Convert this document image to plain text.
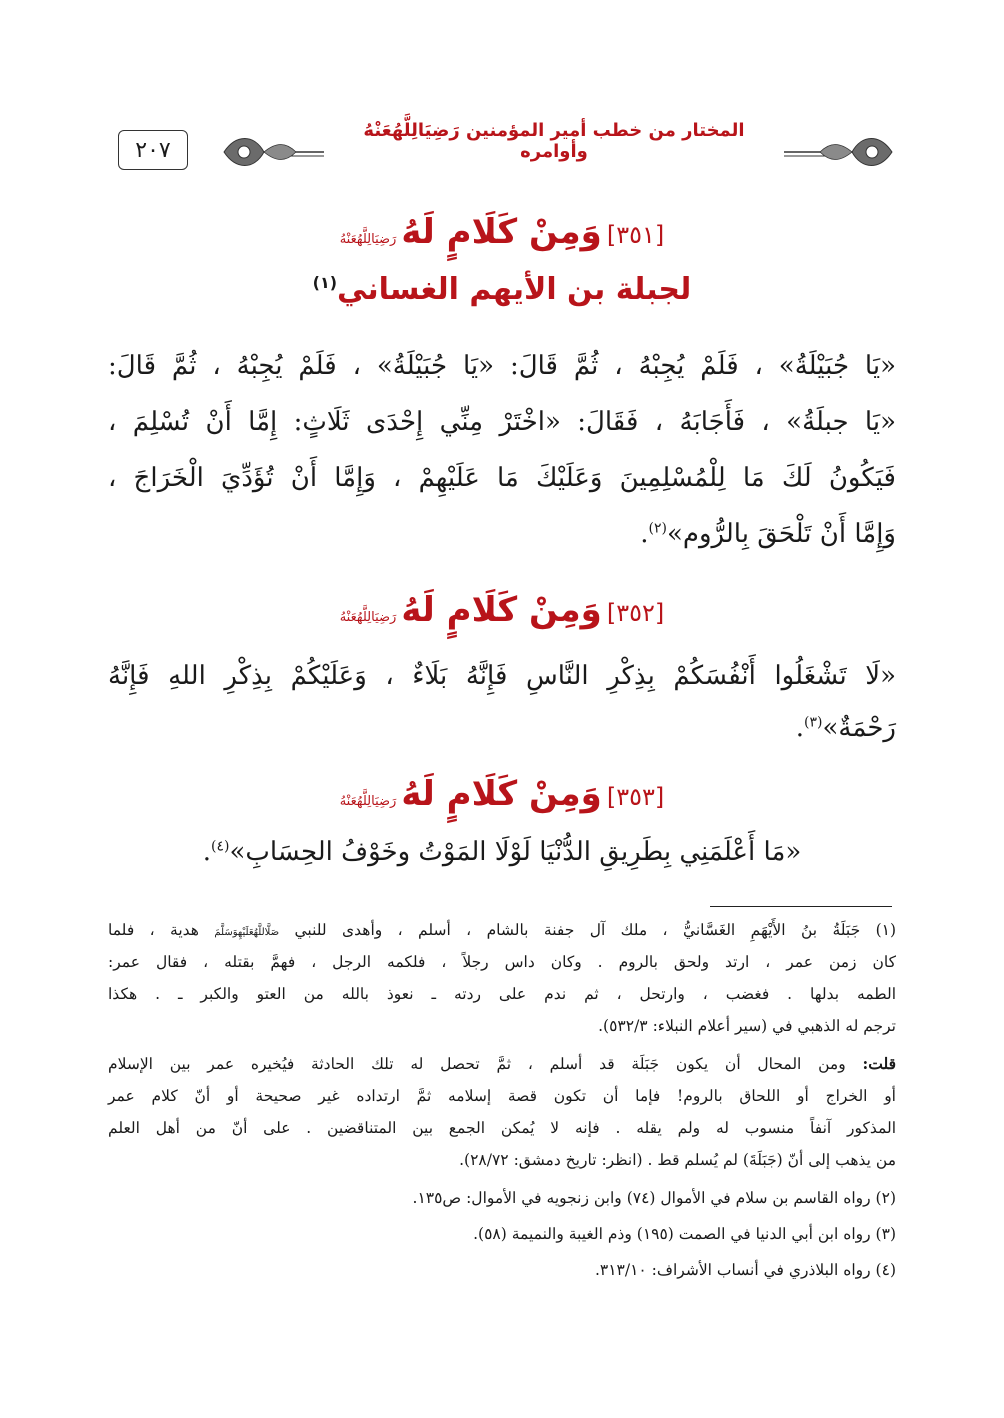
٢٠٧
المختار من خطب أمير المؤمنين رَضِيَالِلَّهُعَنْهُ وأوامره
[٣٥١] وَمِنْ كَلَامٍ لَهُ رَضِيَالِلَّهُعَنْهُ
لجبلة بن الأيهم الغساني$^{(١)}$
«يَا جُبَيْلَةُ» ، فَلَمْ يُجِبْهُ ، ثُمَّ قَالَ: «يَا جُبَيْلَةُ» ، فَلَمْ يُجِبْهُ ، ثُمَّ قَالَ:
«يَا جبلَةُ» ، فَأَجَابَهُ ، فَقَالَ: «اخْتَرْ مِنِّي إِحْدَى ثَلَاثٍ: إِمَّا أَنْ تُسْلِمَ ،
فَيَكُونُ لَكَ مَا لِلْمُسْلِمِينَ وَعَلَيْكَ مَا عَلَيْهِمْ ، وَإِمَّا أَنْ تُؤَدِّيَ الْخَرَاجَ ،
وَإِمَّا أَنْ تَلْحَقَ بِالرُّوم»$^{(٢)}$.
[٣٥٢] وَمِنْ كَلَامٍ لَهُ رَضِيَالِلَّهُعَنْهُ
«لَا تَشْغَلُوا أَنْفُسَكُمْ بِذِكْرِ النَّاسِ فَإِنَّهُ بَلَاءٌ ، وَعَلَيْكُمْ بِذِكْرِ اللهِ فَإِنَّهُ
رَحْمَةٌ»$^{(٣)}$.
[٣٥٣] وَمِنْ كَلَامٍ لَهُ رَضِيَالِلَّهُعَنْهُ
«مَا أَعْلَمَنِي بِطَرِيقِ الدُّنْيَا لَوْلَا المَوْتُ وخَوْفُ الحِسَابِ»$^{(٤)}$.
(١) جَبَلَةُ بنُ الأَيْهَمِ الغَسَّانيُّ ، ملك آل جفنة بالشام ، أسلم ، وأهدى للنبي صَلَّاللَّهُعَلَيْهِوَسَلَّمَ هدية ، فلما
كان زمن عمر ، ارتد ولحق بالروم . وكان داس رجلاً ، فلكمه الرجل ، فهمَّ بقتله ، فقال عمر:
الطمه بدلها . فغضب ، وارتحل ، ثم ندم على ردته ـ نعوذ بالله من العتو والكبر ـ . هكذا
ترجم له الذهبي في (سير أعلام النبلاء: ٥٣٢/٣).
قلت: ومن المحال أن يكون جَبَلَة قد أسلم ، ثمَّ تحصل له تلك الحادثة فيُخيره عمر بين الإسلام
أو الخراج أو اللحاق بالروم! فإما أن تكون قصة إسلامه ثمَّ ارتداده غير صحيحة أو أنّ كلام عمر
المذكور آنفاً منسوب له ولم يقله . فإنه لا يُمكن الجمع بين المتناقضين . على أنّ من أهل العلم
من يذهب إلى أنّ (جَبَلَةَ) لم يُسلم قط . (انظر: تاريخ دمشق: ٢٨/٧٢).
(٢) رواه القاسم بن سلام في الأموال (٧٤) وابن زنجويه في الأموال: ص١٣٥.
(٣) رواه ابن أبي الدنيا في الصمت (١٩٥) وذم الغيبة والنميمة (٥٨).
(٤) رواه البلاذري في أنساب الأشراف: ٣١٣/١٠.
